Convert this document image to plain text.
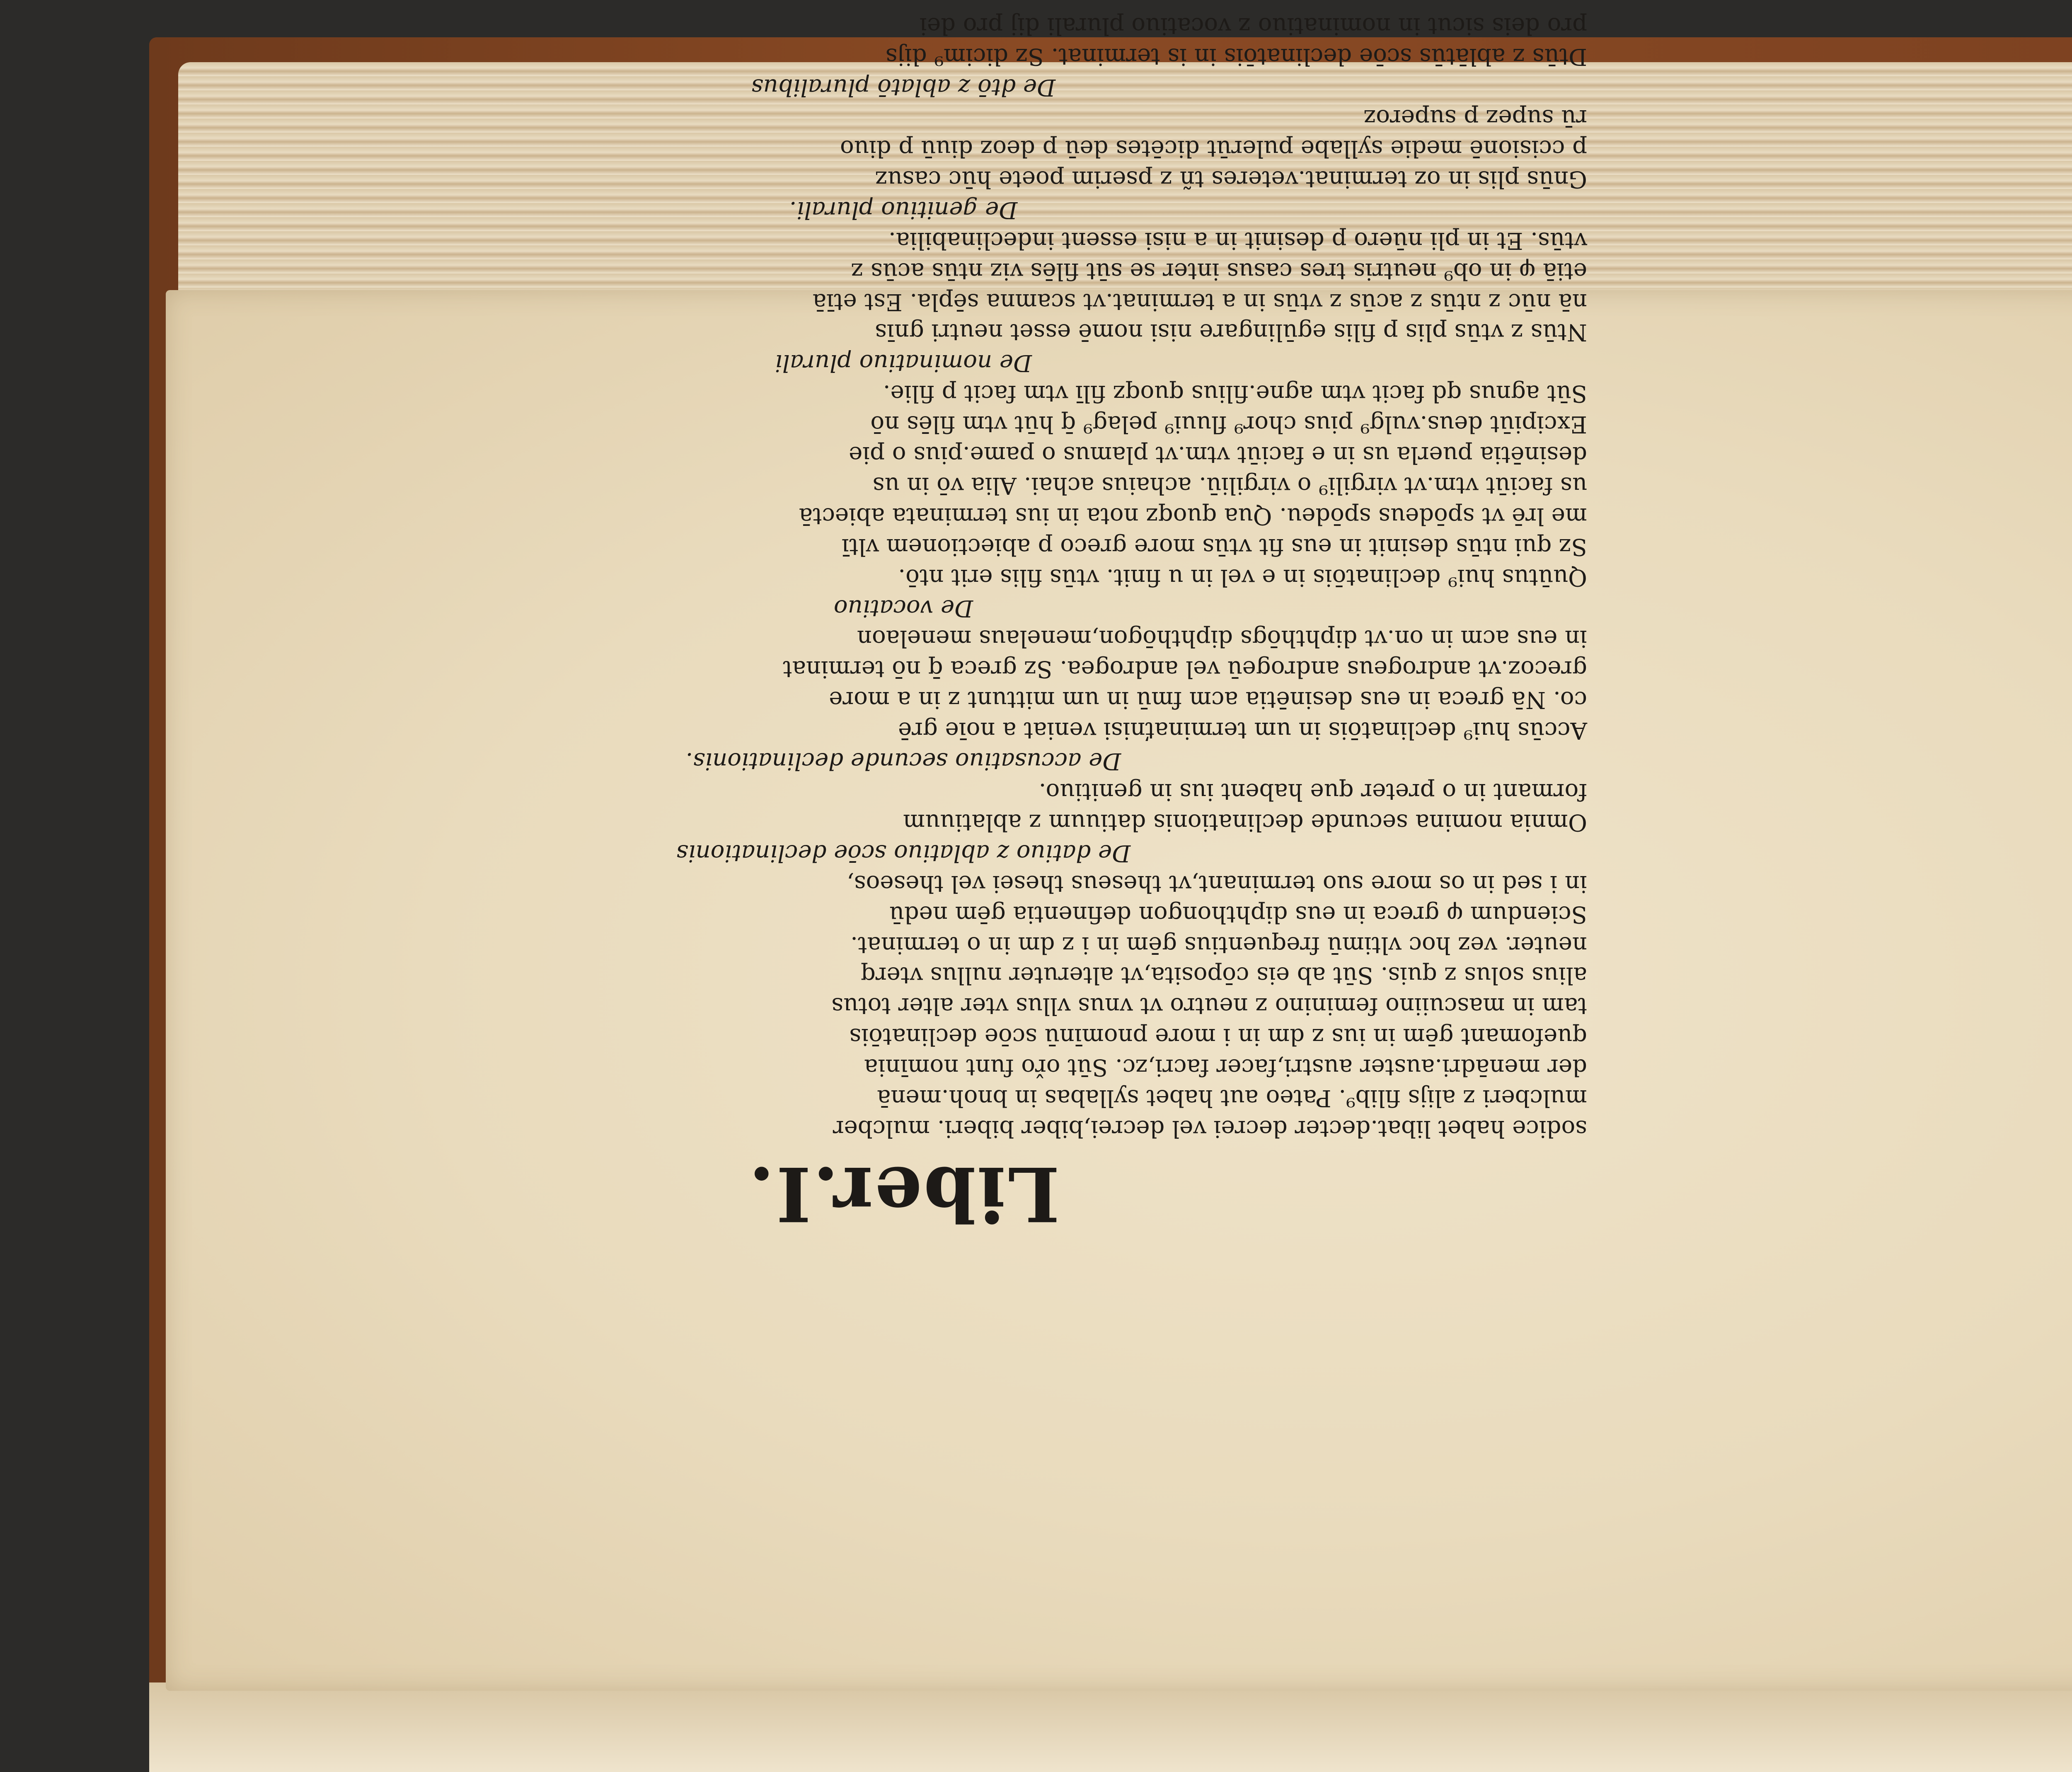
Liber.I.

sodice habet libat.decter decrei vel decrei,biber biberi. mulcber

mulcberi z alijs filib⁹. Pateo aut habet syllabas in bnoh.menā

der menādri.auster austri,facer facri,zc. Sūt ořo funt nomīnia

quefomant gēm in ius z dm in i more pnomīnū scōe declinatōis

tam in mascuiino feminino z neutro vt vnus vllus vter alter totus

alius solus z quis. Sūt ab eis cōposita,vt alteruter nullus vterq

neuter. vez hoc vltimū frequentius gēm in i z dm in o terminat.

Sciendum φ greca in eus diphthongon definentia gēm nedū

in i sed in os more suo terminant,vt theseus thesei vel theseos,

De datiuo z ablatiuo scōe declinationis

Omnia nomina secunde declinationis datiuum z ablatiuum

formant in o preter que habent ius in genitiuo.

De accusatiuo secunde declinationis.

Accūs hui⁹ declinatōis in um terminaťnisi veniat a noīe grē

co. Nā greca in eus desinētia acm fmū in um mittunt z in a more

grecoz.vt androgeus androgeū vel androgea. Sz greca q̄ nō terminat

in eus acm in on.vt diphthōgs diphthōgon,menelaus menelaon

De vocatiuo

Quūtus hui⁹ declinatōis in e vel in u finit. vtūs filis erit ntō.

Sz qui ntūs desinit in eus fit vtūs more greco p abiectionem vltī

me lrē vt spōdeus spōdeu. Qua quoqz nota in ius terminata abiectā

us faciūt vtm.vt virgili⁹ o virgiliū. achaius achai. Alia vō in us

desinētia puerla us in e faciūt vtm.vt plamus o pame.pius o pie

Excipiūt deus.vulg⁹ pius chor⁹ fluui⁹ pelag⁹ q̄ hūt vtm filēs nō

Sūt agnus qd facit vtm agne.filius quoqz filī vtm facit p filie.

De nominatiuo plurali

Ntūs z vtūs plis p filis egūlingare nisi nomē esset neutri gnīs

nā nūc z ntūs z acūs z vtūs in a terminat.vt scamna sēpla. Est etīā

etiā φ in ob⁹ neutris tres casus inter se sūt filēs viz ntūs acūs z

vtūs. Et in pli nūero p desinit in a nisi essent indeclinabilia.

De genitiuo plurali.

Gnūs plis in oz terminat.veteres tñ z pserim poete hūc casuz

p ccisionē medie syllabe pulerūt dicētes deū p deoz diuū p diuo

rū supez p superoz

De dtō z ablatō pluralibus

Dtūs z ablātūs scōe declinatōis in is terminat. Sz dicim⁹ dijs

pro deis sicut in nominatiuo z vocatiuo plurali dij pro dei
